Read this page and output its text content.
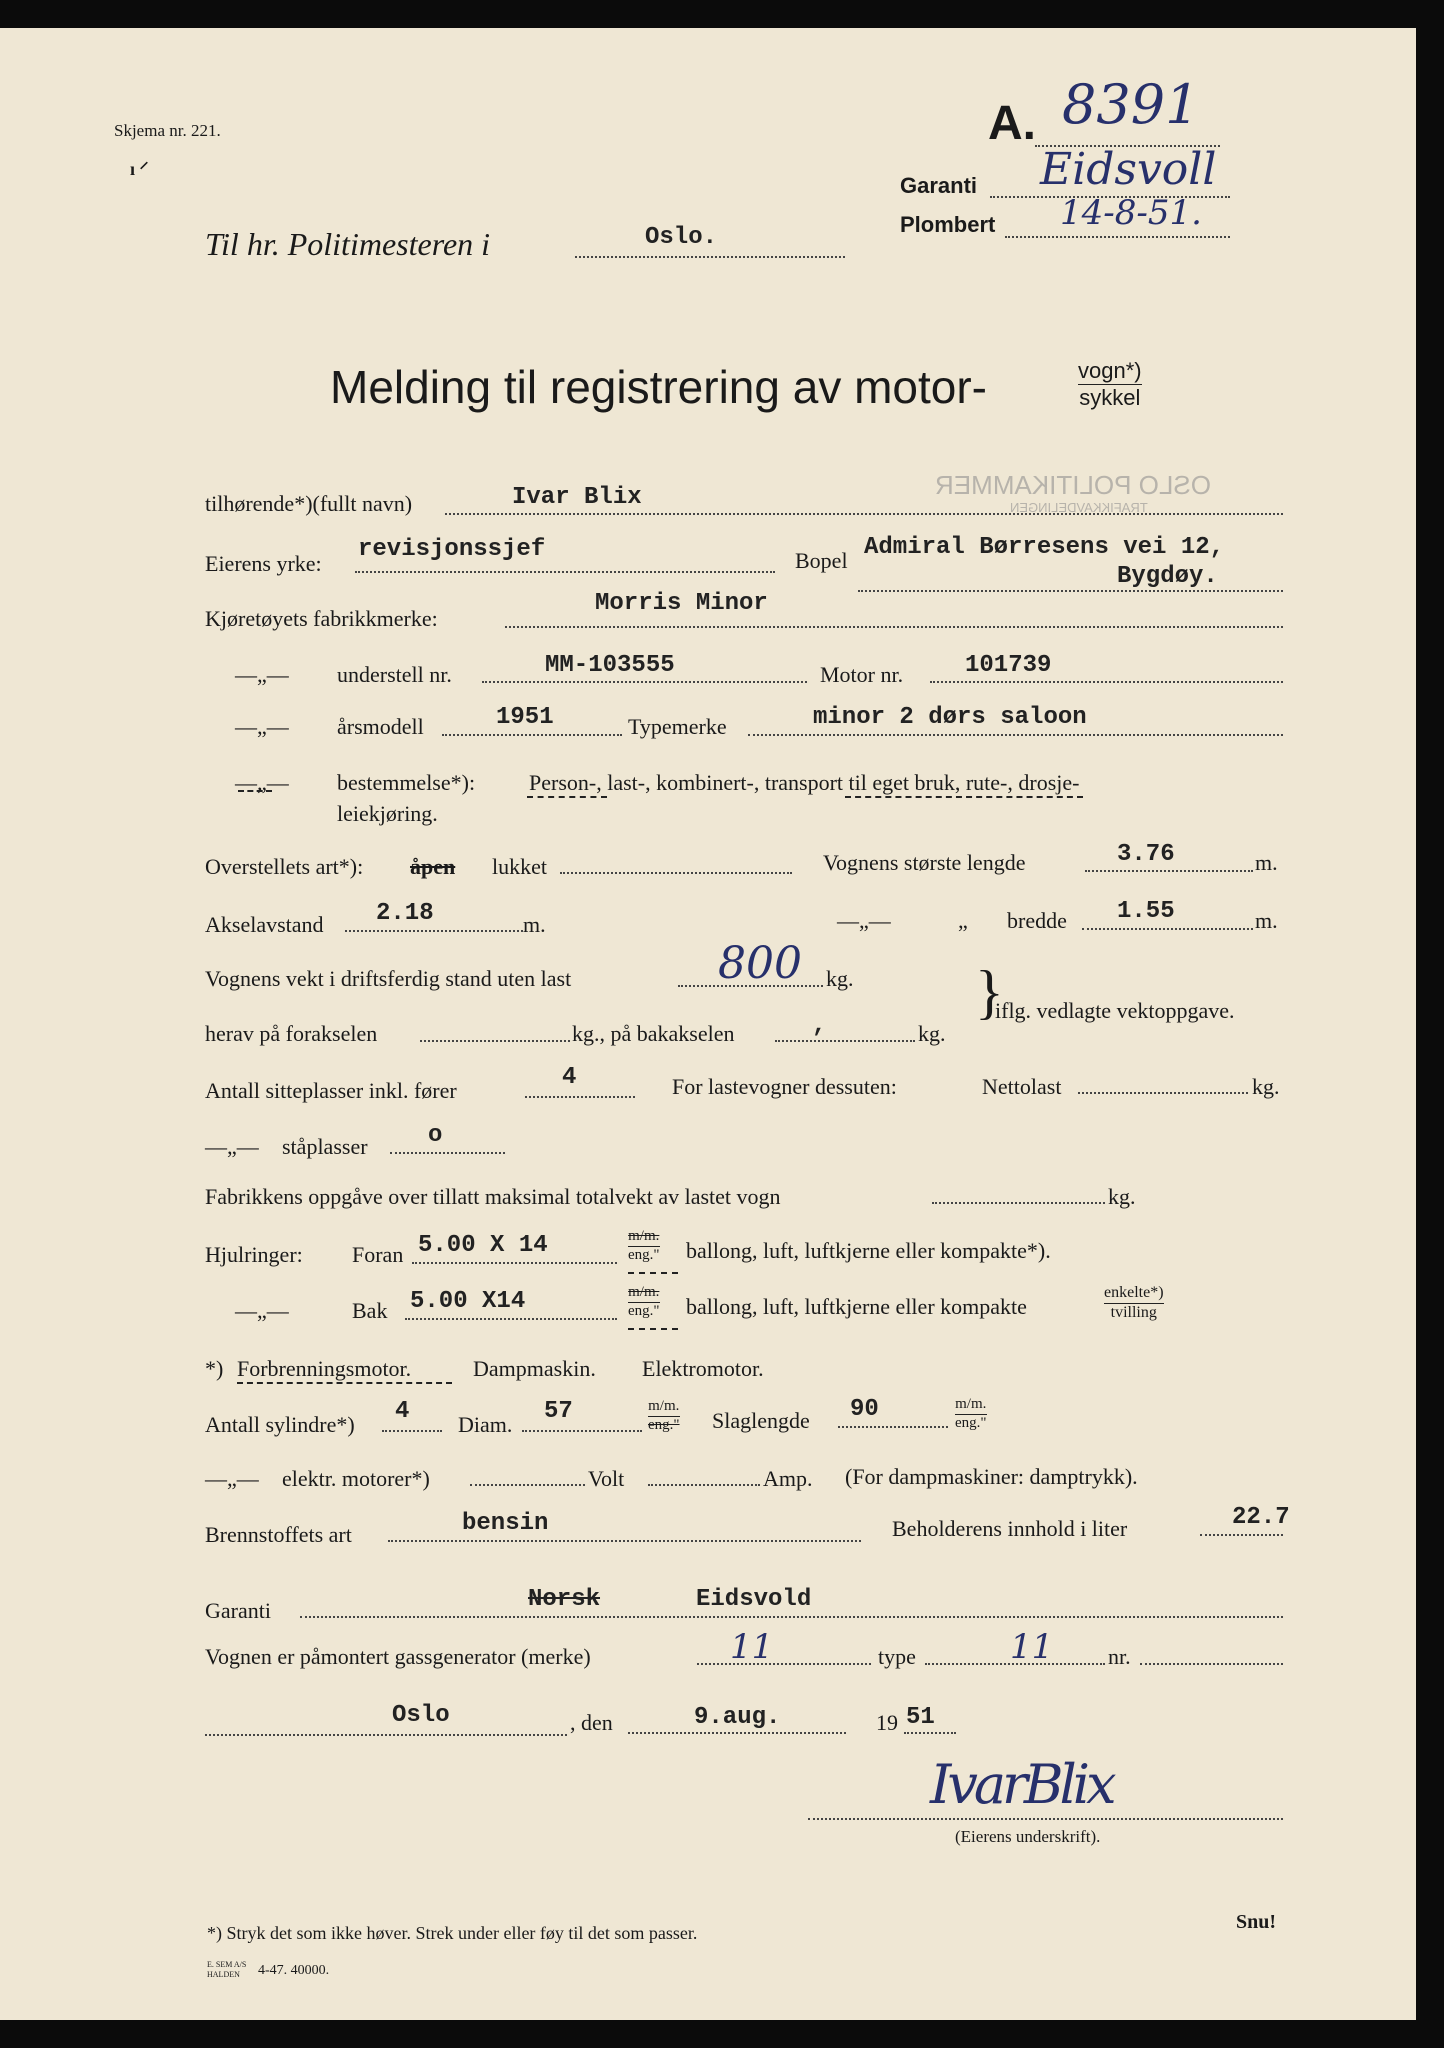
Skjema nr. 221.
ı ⸍
Til hr. Politimesteren i	Oslo.
A. 8391
Garanti Eidsvoll
Plombert 14-8-51.
OSLO POLITIKAMMER
TRAFIKKAVDELINGEN
Melding til registrering av motor-	vogn*)
sykkel
tilhørende*)(fullt navn)	Ivar Blix
Eierens yrke:
revisjonssjef	Bopel Admiral Børresens vei 12,
Bygdøy.
Kjøretøyets fabrikkmerke:
Morris Minor
—„— understell nr.	MM-103555	Motor nr.	101739
—„— årsmodell	1951	Typemerke	minor 2 dørs saloon
—„— bestemmelse*): Person-, last-, kombinert-, transport til eget bruk, rute-, drosje-
leiekjøring.
Overstellets art*): åpen lukket	Vognens største lengde	3.76	m.
Akselavstand 2.18	m.	—„—	„ bredde 1.55	m.
Vognens vekt i driftsferdig stand uten last	800 kg.
herav på forakselen	kg., på bakakselen	,	kg.
}
iflg. vedlagte vektoppgave.
Antall sitteplasser inkl. fører	4	For lastevogner dessuten:	Nettolast	kg.
—„— ståplasser	o
Fabrikkens oppgåve over tillatt maksimal totalvekt av lastet vogn	kg.
Hjulringer: Foran 5.00 X 14	m/m.
eng." ballong, luft, luftkjerne eller kompakte*).
—„—	Bak 5.00 X14	m/m.
eng." ballong, luft, luftkjerne eller kompakte
enkelte*)
tvilling
*) Forbrenningsmotor.	Dampmaskin. Elektromotor.
Antall sylindre*) 4 Diam. 57	m/m.
eng." Slaglengde 90	m/m.
eng."
—„— elektr. motorer*)	Volt	Amp. (For dampmaskiner: damptrykk).
Brennstoffets art	bensin	Beholderens innhold i liter	22.7
Garanti	Norsk	Eidsvold
Vognen er påmontert gassgenerator (merke)	11	type	11 nr.
Oslo	, den	9.aug.	19 51
IvarBlix
(Eierens underskrift).
*) Stryk det som ikke høver. Strek under eller føy til det som passer.	Snu!
E. SEM A/S
HALDEN	4-47. 40000.
